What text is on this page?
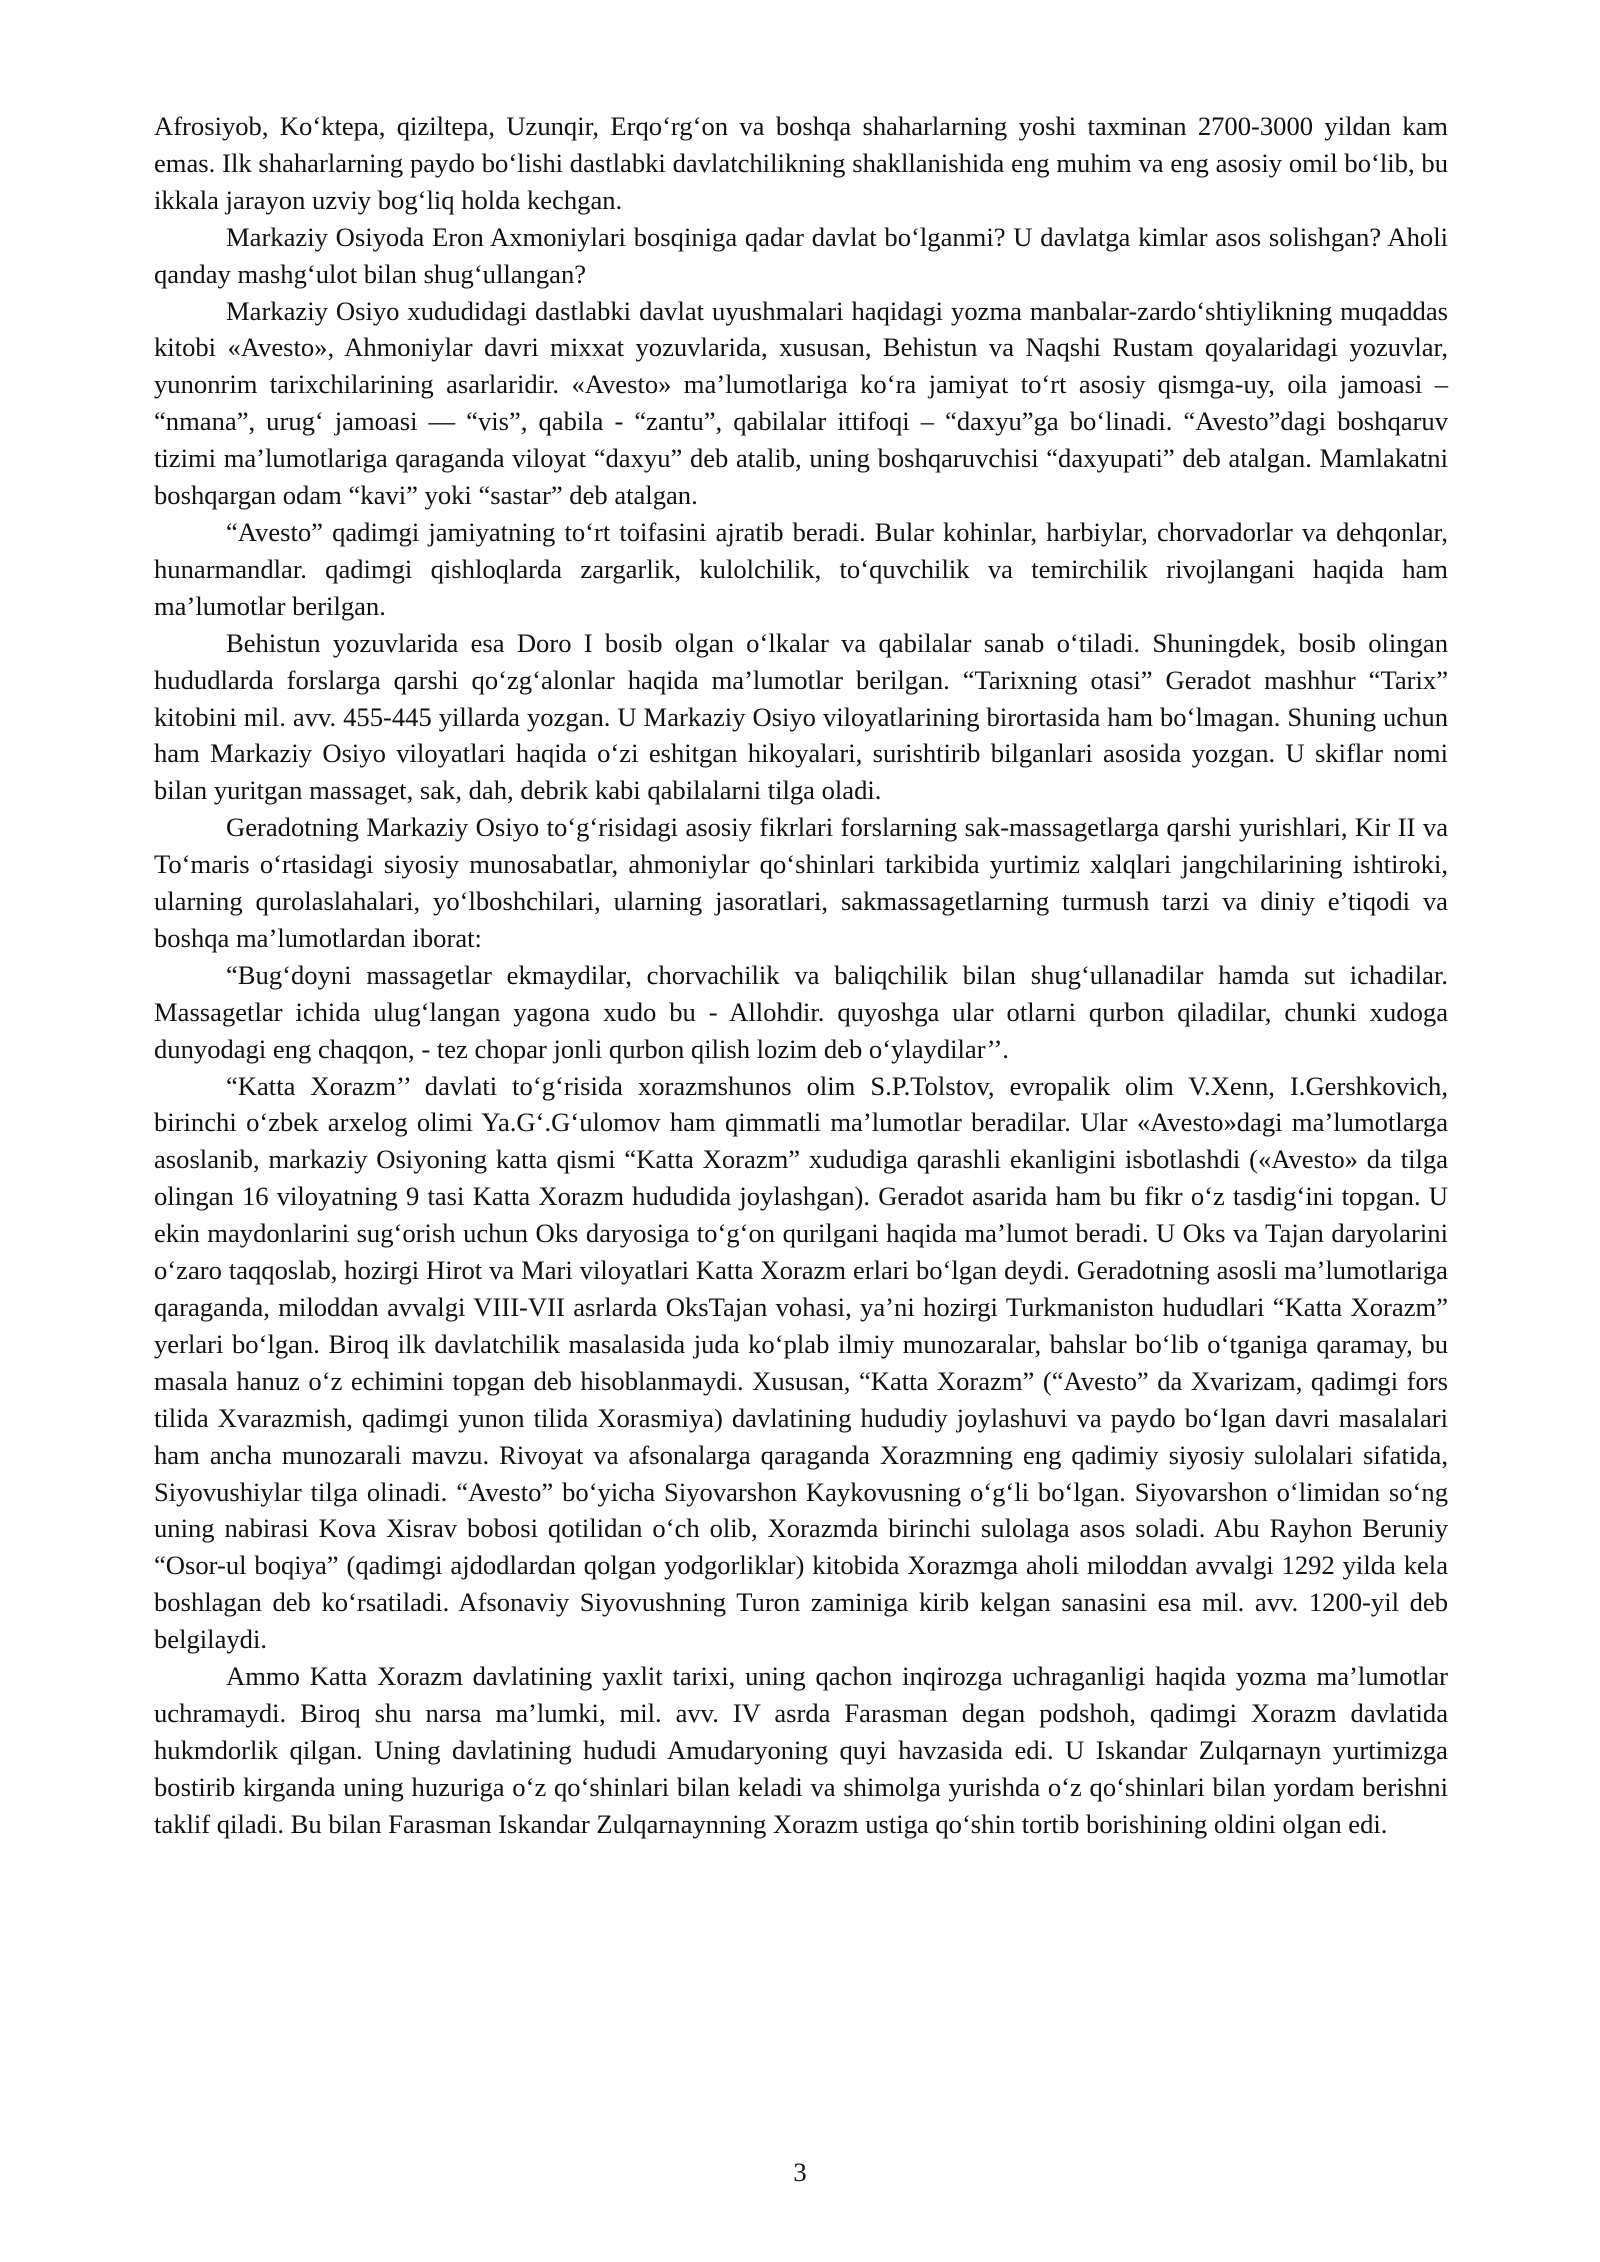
Afrosiyob, Ko‘ktepa, qiziltepa, Uzunqir, Erqo‘rg‘on va boshqa shaharlarning yoshi taxminan 2700-3000 yildan kam emas. Ilk shaharlarning paydo bo‘lishi dastlabki davlatchilikning shakllanishida eng muhim va eng asosiy omil bo‘lib, bu ikkala jarayon uzviy bog‘liq holda kechgan.

Markaziy Osiyoda Eron Axmoniylari bosqiniga qadar davlat bo‘lganmi? U davlatga kimlar asos solishgan? Aholi qanday mashg‘ulot bilan shug‘ullangan?

Markaziy Osiyo xududidagi dastlabki davlat uyushmalari haqidagi yozma manbalar-zardo‘shtiylikning muqaddas kitobi «Avesto», Ahmoniylar davri mixxat yozuvlarida, xususan, Behistun va Naqshi Rustam qoyalaridagi yozuvlar, yunonrim tarixchilarining asarlaridir. «Avesto» ma’lumotlariga ko‘ra jamiyat to‘rt asosiy qismga-uy, oila jamoasi – “nmana”, urug‘ jamoasi — “vis”, qabila - “zantu”, qabilalar ittifoqi – “daxyu”ga bo‘linadi. “Avesto”dagi boshqaruv tizimi ma’lumotlariga qaraganda viloyat “daxyu” deb atalib, uning boshqaruvchisi “daxyupati” deb atalgan. Mamlakatni boshqargan odam “kavi” yoki “sastar” deb atalgan.

“Avesto” qadimgi jamiyatning to‘rt toifasini ajratib beradi. Bular kohinlar, harbiylar, chorvadorlar va dehqonlar, hunarmandlar. qadimgi qishloqlarda zargarlik, kulolchilik, to‘quvchilik va temirchilik rivojlangani haqida ham ma’lumotlar berilgan.

Behistun yozuvlarida esa Doro I bosib olgan o‘lkalar va qabilalar sanab o‘tiladi. Shuningdek, bosib olingan hududlarda forslarga qarshi qo‘zg‘alonlar haqida ma’lumotlar berilgan. “Tarixning otasi” Geradot mashhur “Tarix” kitobini mil. avv. 455-445 yillarda yozgan. U Markaziy Osiyo viloyatlarining birortasida ham bo‘lmagan. Shuning uchun ham Markaziy Osiyo viloyatlari haqida o‘zi eshitgan hikoyalari, surishtirib bilganlari asosida yozgan. U skiflar nomi bilan yuritgan massaget, sak, dah, debrik kabi qabilalarni tilga oladi.

Geradotning Markaziy Osiyo to‘g‘risidagi asosiy fikrlari forslarning sak-massagetlarga qarshi yurishlari, Kir II va To‘maris o‘rtasidagi siyosiy munosabatlar, ahmoniylar qo‘shinlari tarkibida yurtimiz xalqlari jangchilarining ishtiroki, ularning qurolaslahalari, yo‘lboshchilari, ularning jasoratlari, sakmassagetlarning turmush tarzi va diniy e’tiqodi va boshqa ma’lumotlardan iborat:

“Bug‘doyni massagetlar ekmaydilar, chorvachilik va baliqchilik bilan shug‘ullanadilar hamda sut ichadilar. Massagetlar ichida ulug‘langan yagona xudo bu - Allohdir. quyoshga ular otlarni qurbon qiladilar, chunki xudoga dunyodagi eng chaqqon, - tez chopar jonli qurbon qilish lozim deb o‘ylaydilar’’.

“Katta Xorazm’’ davlati to‘g‘risida xorazmshunos olim S.P.Tolstov, evropalik olim V.Xenn, I.Gershkovich, birinchi o‘zbek arxelog olimi Ya.G‘.G‘ulomov ham qimmatli ma’lumotlar beradilar. Ular «Avesto»dagi ma’lumotlarga asoslanib, markaziy Osiyoning katta qismi “Katta Xorazm” xududiga qarashli ekanligini isbotlashdi («Avesto» da tilga olingan 16 viloyatning 9 tasi Katta Xorazm hududida joylashgan). Geradot asarida ham bu fikr o‘z tasdig‘ini topgan. U ekin maydonlarini sug‘orish uchun Oks daryosiga to‘g‘on qurilgani haqida ma’lumot beradi. U Oks va Tajan daryolarini o‘zaro taqqoslab, hozirgi Hirot va Mari viloyatlari Katta Xorazm erlari bo‘lgan deydi. Geradotning asosli ma’lumotlariga qaraganda, miloddan avvalgi VIII-VII asrlarda OksTajan vohasi, ya’ni hozirgi Turkmaniston hududlari “Katta Xorazm” yerlari bo‘lgan. Biroq ilk davlatchilik masalasida juda ko‘plab ilmiy munozaralar, bahslar bo‘lib o‘tganiga qaramay, bu masala hanuz o‘z echimini topgan deb hisoblanmaydi. Xususan, “Katta Xorazm” (“Avesto” da Xvarizam, qadimgi fors tilida Xvarazmish, qadimgi yunon tilida Xorasmiya) davlatining hududiy joylashuvi va paydo bo‘lgan davri masalalari ham ancha munozarali mavzu. Rivoyat va afsonalarga qaraganda Xorazmning eng qadimiy siyosiy sulolalari sifatida, Siyovushiylar tilga olinadi. “Avesto” bo‘yicha Siyovarshon Kaykovusning o‘g‘li bo‘lgan. Siyovarshon o‘limidan so‘ng uning nabirasi Kova Xisrav bobosi qotilidan o‘ch olib, Xorazmda birinchi sulolaga asos soladi. Abu Rayhon Beruniy “Osor-ul boqiya” (qadimgi ajdodlardan qolgan yodgorliklar) kitobida Xorazmga aholi miloddan avvalgi 1292 yilda kela boshlagan deb ko‘rsatiladi. Afsonaviy Siyovushning Turon zaminiga kirib kelgan sanasini esa mil. avv. 1200-yil deb belgilaydi.

Ammo Katta Xorazm davlatining yaxlit tarixi, uning qachon inqirozga uchraganligi haqida yozma ma’lumotlar uchramaydi. Biroq shu narsa ma’lumki, mil. avv. IV asrda Farasman degan podshoh, qadimgi Xorazm davlatida hukmdorlik qilgan. Uning davlatining hududi Amudaryoning quyi havzasida edi. U Iskandar Zulqarnayn yurtimizga bostirib kirganda uning huzuriga o‘z qo‘shinlari bilan keladi va shimolga yurishda o‘z qo‘shinlari bilan yordam berishni taklif qiladi. Bu bilan Farasman Iskandar Zulqarnaynning Xorazm ustiga qo‘shin tortib borishining oldini olgan edi.

3
